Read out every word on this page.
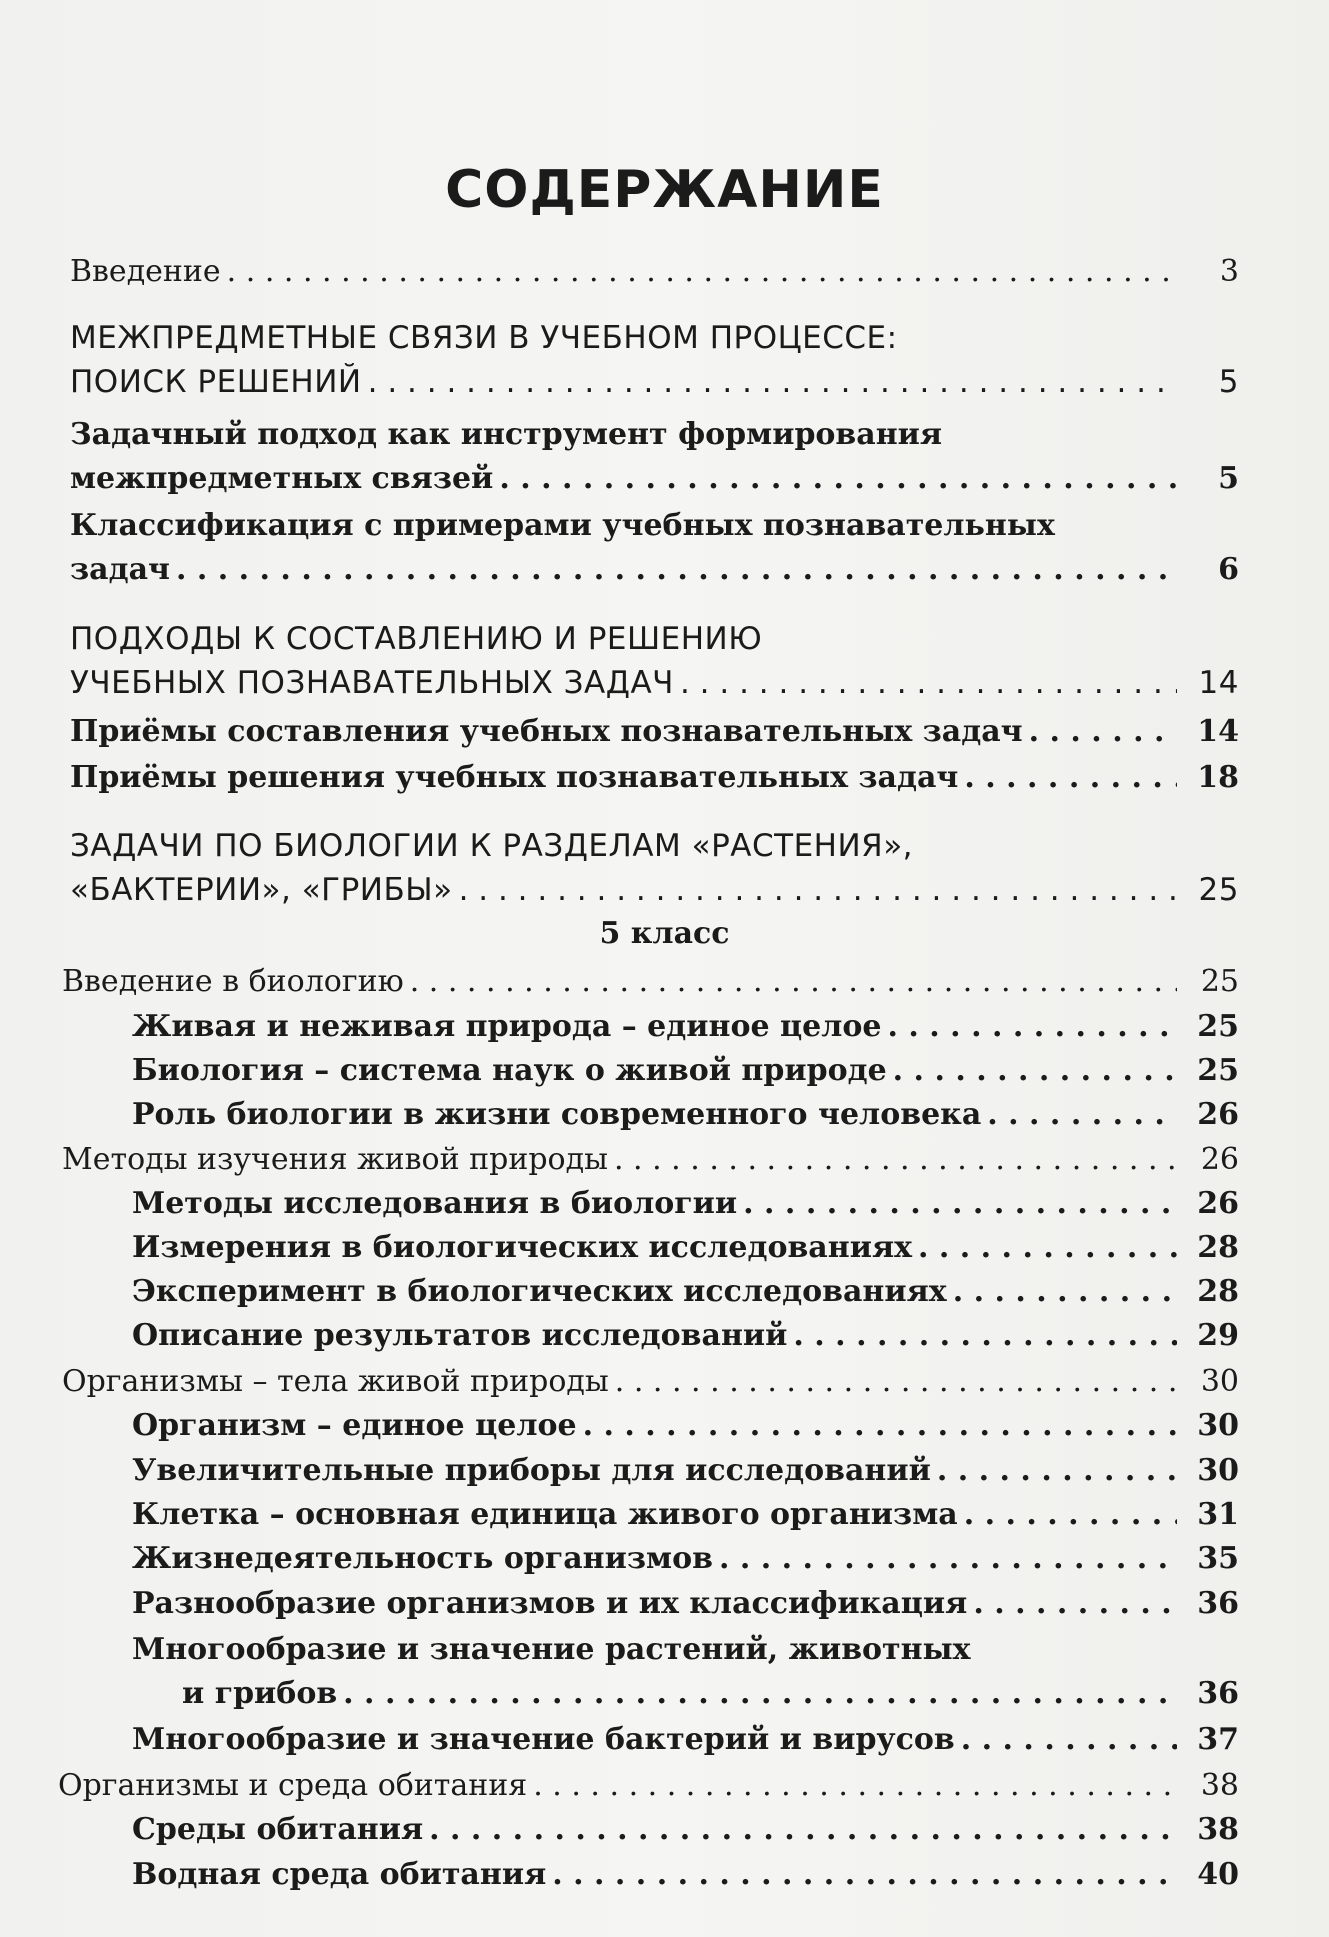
СОДЕРЖАНИЕ
Введение . . .	3
МЕЖПРЕДМЕТНЫЕ СВЯЗИ В УЧЕБНОМ ПРОЦЕССЕ:
ПОИСК РЕШЕНИЙ . . .	5
Задачный подход как инструмент формирования
межпредметных связей . . .	5
Классификация с примерами учебных познавательных
задач . . .	6
ПОДХОДЫ К СОСТАВЛЕНИЮ И РЕШЕНИЮ
УЧЕБНЫХ ПОЗНАВАТЕЛЬНЫХ ЗАДАЧ . . .	14
Приёмы составления учебных познавательных задач . . .	14
Приёмы решения учебных познавательных задач . . .	18
ЗАДАЧИ ПО БИОЛОГИИ К РАЗДЕЛАМ «РАСТЕНИЯ»,
«БАКТЕРИИ», «ГРИБЫ» . . .	25
5 класс
Введение в биологию . . .	25
Живая и неживая природа – единое целое . . .	25
Биология – система наук о живой природе . . .	25
Роль биологии в жизни современного человека . . .	26
Методы изучения живой природы . . .	26
Методы исследования в биологии . . .	26
Измерения в биологических исследованиях . . .	28
Эксперимент в биологических исследованиях . . .	28
Описание результатов исследований . . .	29
Организмы – тела живой природы . . .	30
Организм – единое целое . . .	30
Увеличительные приборы для исследований . . .	30
Клетка – основная единица живого организма . . .	31
Жизнедеятельность организмов . . .	35
Разнообразие организмов и их классификация . . .	36
Многообразие и значение растений, животных
и грибов . . .	36
Многообразие и значение бактерий и вирусов . . .	37
Организмы и среда обитания . . .	38
Среды обитания . . .	38
Водная среда обитания . . .	40
